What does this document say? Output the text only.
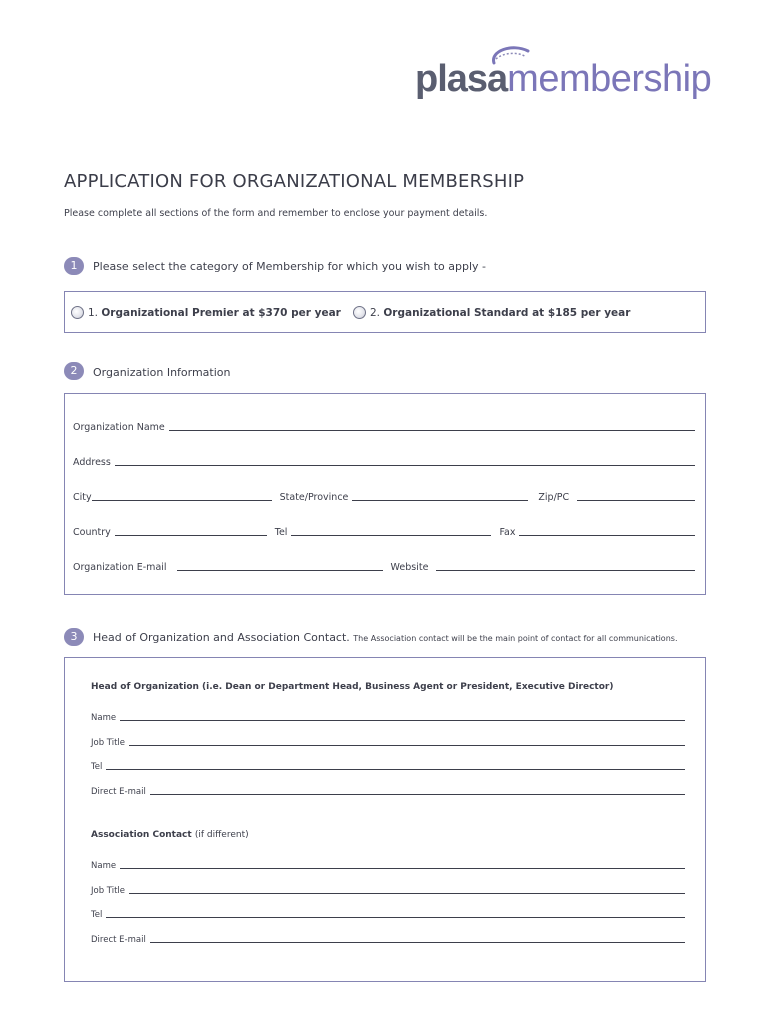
plasamembership
APPLICATION FOR ORGANIZATIONAL MEMBERSHIP
Please complete all sections of the form and remember to enclose your payment details.
1	Please select the category of Membership for which you wish to apply -
1.
Organizational Premier at $370 per year	2.
Organizational Standard at $185 per year
2	Organization Information
Organization Name
Address
City	State/Province	Zip/PC
Country	Tel	Fax
Organization E-mail	Website
3	Head of Organization and Association Contact. The Association contact will be the main point of contact for all communications.
Head of Organization (i.e. Dean or Department Head, Business Agent or President, Executive Director)
Name
Job Title
Tel
Direct E-mail
Association Contact (if different)
Name
Job Title
Tel
Direct E-mail
